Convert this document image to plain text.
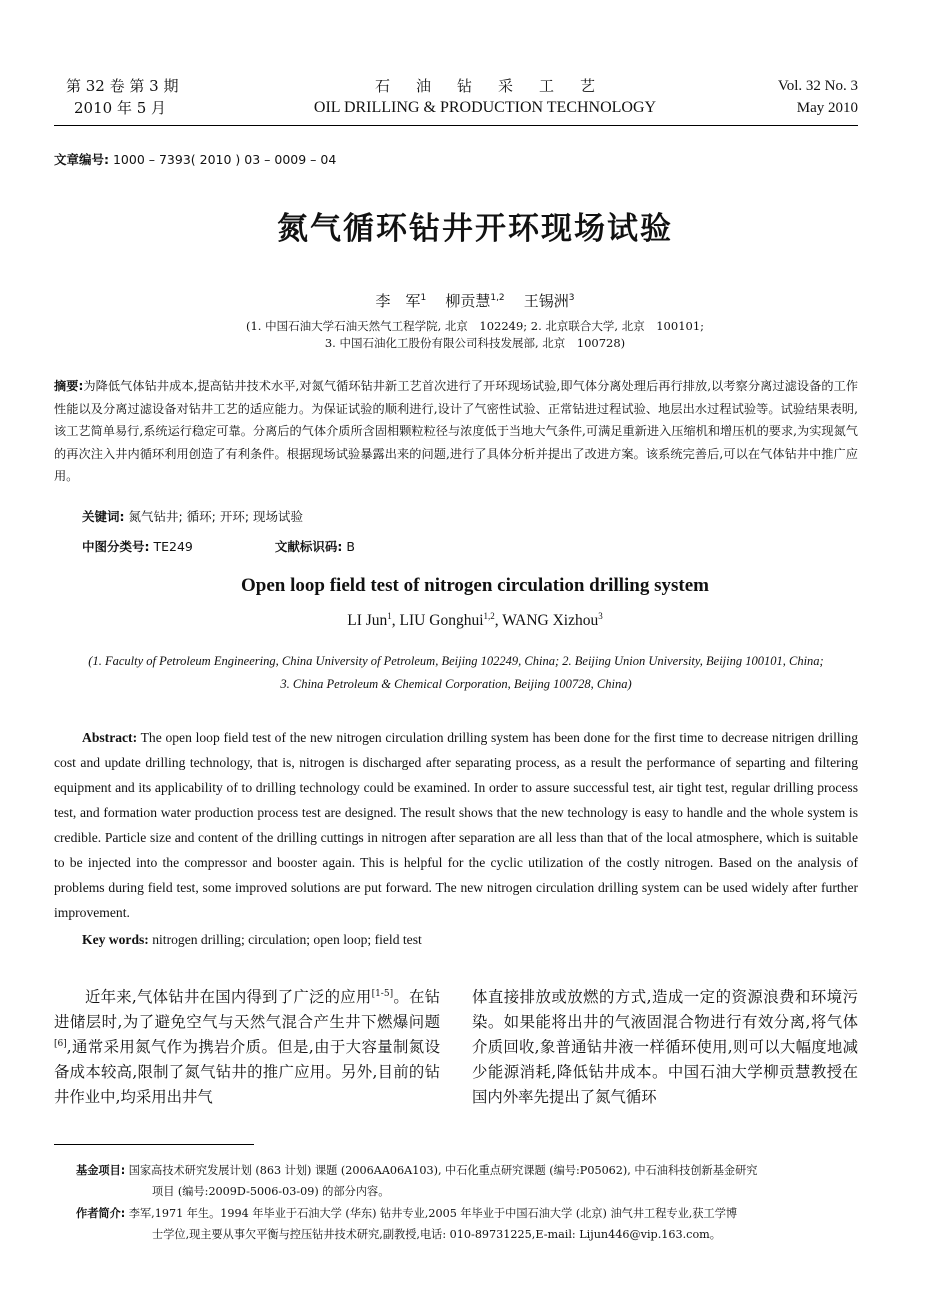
第 32 卷 第 3 期
2010 年 5 月
石油钻采工艺
OIL DRILLING & PRODUCTION TECHNOLOGY
Vol. 32 No. 3
May 2010
文章编号: 1000 – 7393( 2010 ) 03 – 0009 – 04
氮气循环钻井开环现场试验
李　军$^1$ 柳贡慧$^{1,2}$ 王锡洲$^3$
(1. 中国石油大学石油天然气工程学院, 北京　102249; 2. 北京联合大学, 北京　100101;
3. 中国石油化工股份有限公司科技发展部, 北京　100728)
摘要:为降低气体钻井成本,提高钻井技术水平,对氮气循环钻井新工艺首次进行了开环现场试验,即气体分离处理后再行排放,以考察分离过滤设备的工作性能以及分离过滤设备对钻井工艺的适应能力。为保证试验的顺利进行,设计了气密性试验、正常钻进过程试验、地层出水过程试验等。试验结果表明,该工艺简单易行,系统运行稳定可靠。分离后的气体介质所含固相颗粒粒径与浓度低于当地大气条件,可满足重新进入压缩机和增压机的要求,为实现氮气的再次注入井内循环利用创造了有利条件。根据现场试验暴露出来的问题,进行了具体分析并提出了改进方案。该系统完善后,可以在气体钻井中推广应用。
关键词: 氮气钻井; 循环; 开环; 现场试验
中图分类号: TE249	文献标识码: B
Open loop field test of nitrogen circulation drilling system
LI Jun$^1$, LIU Gonghui$^{1,2}$, WANG Xizhou$^3$
(1. Faculty of Petroleum Engineering, China University of Petroleum, Beijing 102249, China; 2. Beijing Union University, Beijing 100101, China;
3. China Petroleum & Chemical Corporation, Beijing 100728, China)
Abstract: The open loop field test of the new nitrogen circulation drilling system has been done for the first time to decrease nitrigen drilling cost and update drilling technology, that is, nitrogen is discharged after separating process, as a result the performance of separting and filtering equipment and its applicability of to drilling technology could be examined. In order to assure successful test, air tight test, regular drilling process test, and formation water production process test are designed. The result shows that the new technology is easy to handle and the whole system is credible. Particle size and content of the drilling cuttings in nitrogen after separation are all less than that of the local atmosphere, which is suitable to be injected into the compressor and booster again. This is helpful for the cyclic utilization of the costly nitrogen. Based on the analysis of problems during field test, some improved solutions are put forward. The new nitrogen circulation drilling system can be used widely after further improvement.
Key words: nitrogen drilling; circulation; open loop; field test
近年来,气体钻井在国内得到了广泛的应用[1-5]。在钻进储层时,为了避免空气与天然气混合产生井下燃爆问题[6],通常采用氮气作为携岩介质。但是,由于大容量制氮设备成本较高,限制了氮气钻井的推广应用。另外,目前的钻井作业中,均采用出井气
体直接排放或放燃的方式,造成一定的资源浪费和环境污染。如果能将出井的气液固混合物进行有效分离,将气体介质回收,象普通钻井液一样循环使用,则可以大幅度地减少能源消耗,降低钻井成本。中国石油大学柳贡慧教授在国内外率先提出了氮气循环
基金项目: 国家高技术研究发展计划 (863 计划) 课题 (2006AA06A103), 中石化重点研究课题 (编号:P05062), 中石油科技创新基金研究
项目 (编号:2009D-5006-03-09) 的部分内容。
作者简介: 李军,1971 年生。1994 年毕业于石油大学 (华东) 钻井专业,2005 年毕业于中国石油大学 (北京) 油气井工程专业,获工学博
士学位,现主要从事欠平衡与控压钻井技术研究,副教授,电话: 010-89731225,E-mail: Lijun446@vip.163.com。
